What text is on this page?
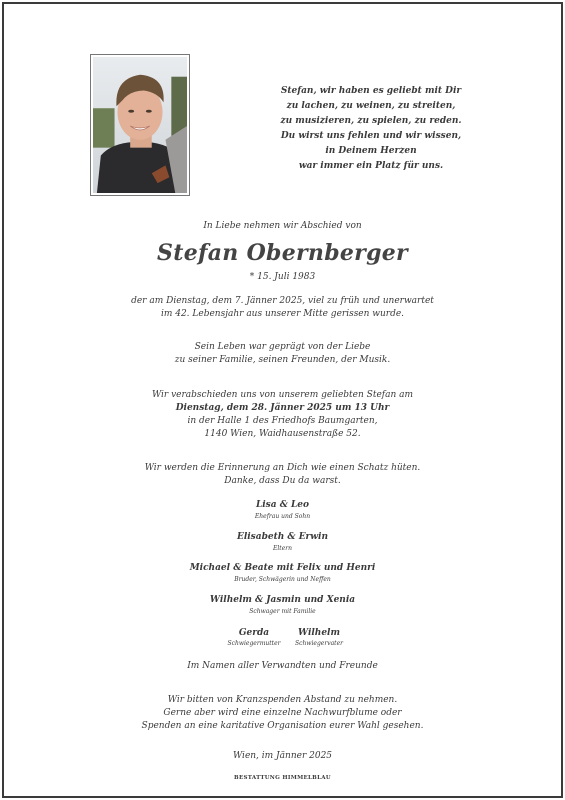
Stefan, wir haben es geliebt mit Dir
zu lachen, zu weinen, zu streiten,
zu musizieren, zu spielen, zu reden.
Du wirst uns fehlen und wir wissen,
in Deinem Herzen
war immer ein Platz für uns.
In Liebe nehmen wir Abschied von
Stefan Obernberger
* 15. Juli 1983
der am Dienstag, dem 7. Jänner 2025, viel zu früh und unerwartet
im 42. Lebensjahr aus unserer Mitte gerissen wurde.
Sein Leben war geprägt von der Liebe
zu seiner Familie, seinen Freunden, der Musik.
Wir verabschieden uns von unserem geliebten Stefan am
Dienstag, dem 28. Jänner 2025 um 13 Uhr
in der Halle 1 des Friedhofs Baumgarten,
1140 Wien, Waidhausenstraße 52.
Wir werden die Erinnerung an Dich wie einen Schatz hüten.
Danke, dass Du da warst.
Lisa & Leo
Ehefrau und Sohn
Elisabeth & Erwin
Eltern
Michael & Beate mit Felix und Henri
Bruder, Schwägerin und Neffen
Wilhelm & Jasmin und Xenia
Schwager mit Familie
Gerda
Schwiegermutter
Wilhelm
Schwiegervater
Im Namen aller Verwandten und Freunde
Wir bitten von Kranzspenden Abstand zu nehmen.
Gerne aber wird eine einzelne Nachwurfblume oder
Spenden an eine karitative Organisation eurer Wahl gesehen.
Wien, im Jänner 2025
BESTATTUNG HIMMELBLAU
